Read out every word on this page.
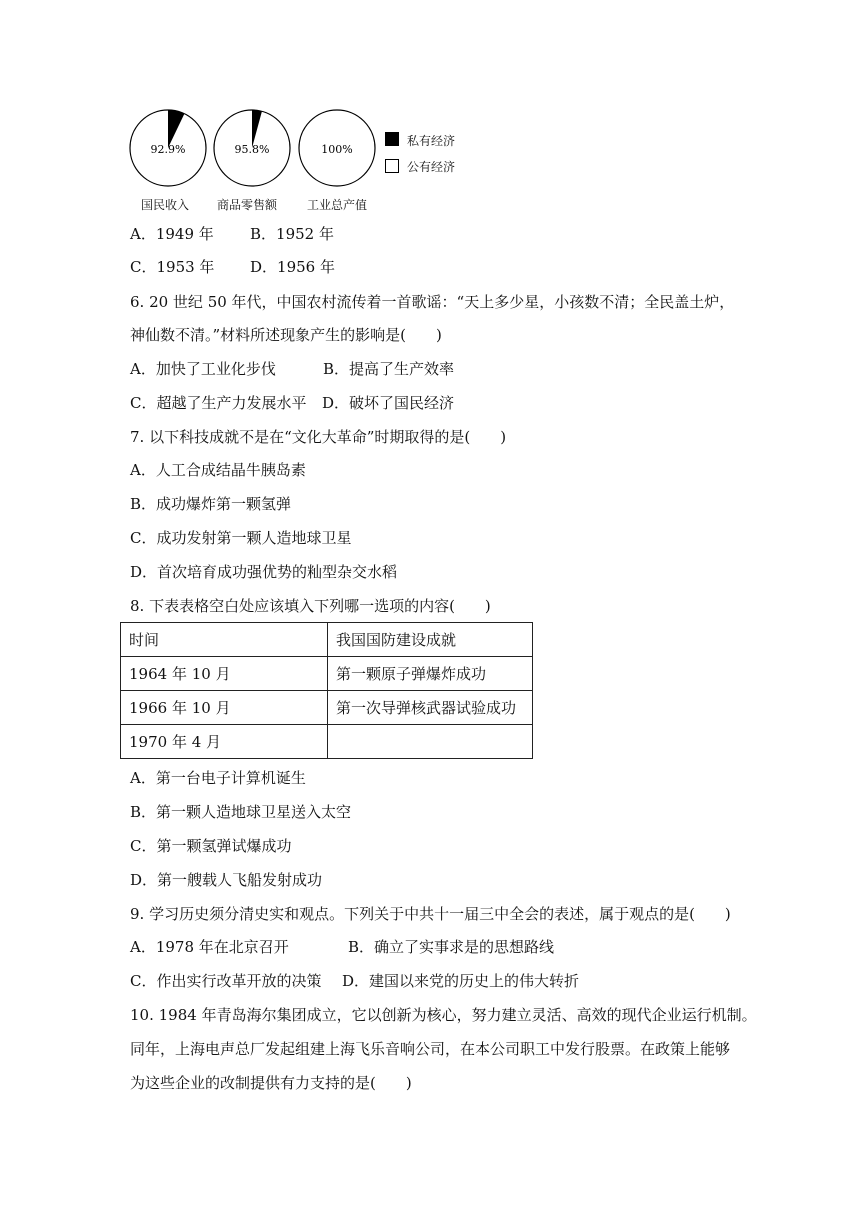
92.9%	95.8%	100%
国民收入 商品零售额 工业总产值
私有经济
公有经济
A．1949 年 B．1952 年
C．1953 年 D．1956 年
6. 20 世纪 50 年代，中国农村流传着一首歌谣：“天上多少星，小孩数不清；全民盖土炉，
神仙数不清。”材料所述现象产生的影响是(　　)
A．加快了工业化步伐	B．提高了生产效率
C．超越了生产力发展水平 D．破坏了国民经济
7. 以下科技成就不是在“文化大革命”时期取得的是(　　)
A．人工合成结晶牛胰岛素
B．成功爆炸第一颗氢弹
C．成功发射第一颗人造地球卫星
D．首次培育成功强优势的籼型杂交水稻
8. 下表表格空白处应该填入下列哪一选项的内容(　　)
时间	我国国防建设成就
1964 年 10 月	第一颗原子弹爆炸成功
1966 年 10 月	第一次导弹核武器试验成功
1970 年 4 月	
A．第一台电子计算机诞生
B．第一颗人造地球卫星送入太空
C．第一颗氢弹试爆成功
D．第一艘载人飞船发射成功
9. 学习历史须分清史实和观点。下列关于中共十一届三中全会的表述，属于观点的是(　　)
A．1978 年在北京召开	B．确立了实事求是的思想路线
C．作出实行改革开放的决策 D．建国以来党的历史上的伟大转折
10. 1984 年青岛海尔集团成立，它以创新为核心，努力建立灵活、高效的现代企业运行机制。
同年，上海电声总厂发起组建上海飞乐音响公司，在本公司职工中发行股票。在政策上能够
为这些企业的改制提供有力支持的是(　　)
